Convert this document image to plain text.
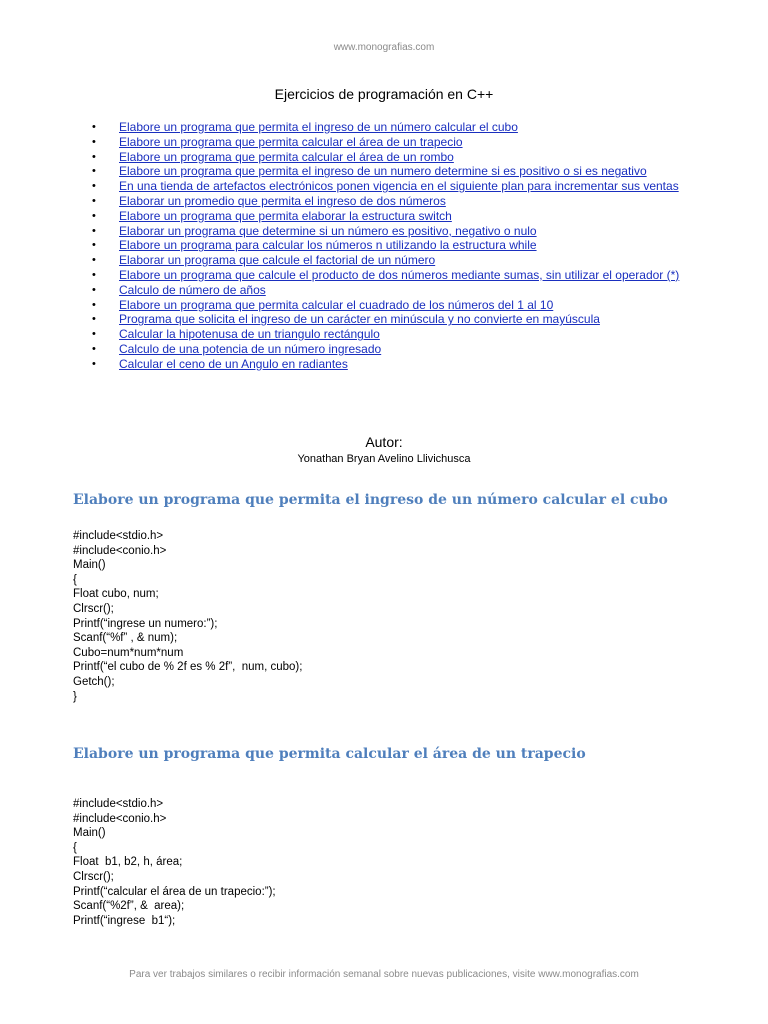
www.monografias.com
Ejercicios de programación en C++
• Elabore un programa que permita el ingreso de un número calcular el cubo
• Elabore un programa que permita calcular el área de un trapecio
• Elabore un programa que permita calcular el área de un rombo
• Elabore un programa que permita el ingreso de un numero determine si es positivo o si es negativo
• En una tienda de artefactos electrónicos ponen vigencia en el siguiente plan para incrementar sus ventas
• Elaborar un promedio que permita el ingreso de dos números
• Elabore un programa que permita elaborar la estructura switch
• Elaborar un programa que determine si un número es positivo, negativo o nulo
• Elabore un programa para calcular los números n utilizando la estructura while
• Elaborar un programa que calcule el factorial de un número
• Elabore un programa que calcule el producto de dos números mediante sumas, sin utilizar el operador (*)
• Calculo de número de años
• Elabore un programa que permita calcular el cuadrado de los números del 1 al 10
• Programa que solicita el ingreso de un carácter en minúscula y no convierte en mayúscula
• Calcular la hipotenusa de un triangulo rectángulo
• Calculo de una potencia de un número ingresado
• Calcular el ceno de un Angulo en radiantes
Autor:
Yonathan Bryan Avelino Llivichusca
Elabore un programa que permita el ingreso de un número calcular el cubo
#include<stdio.h>
#include<conio.h>
Main()
{
Float cubo, num;
Clrscr();
Printf(“ingrese un numero:”);
Scanf(“%f” , & num);
Cubo=num*num*num
Printf(“el cubo de % 2f es % 2f”,  num, cubo);
Getch();
}
Elabore un programa que permita calcular el área de un trapecio
#include<stdio.h>
#include<conio.h>
Main()
{
Float  b1, b2, h, área;
Clrscr();
Printf(“calcular el área de un trapecio:”);
Scanf(“%2f”, &  area);
Printf(“ingrese  b1“);
Para ver trabajos similares o recibir información semanal sobre nuevas publicaciones, visite www.monografias.com
